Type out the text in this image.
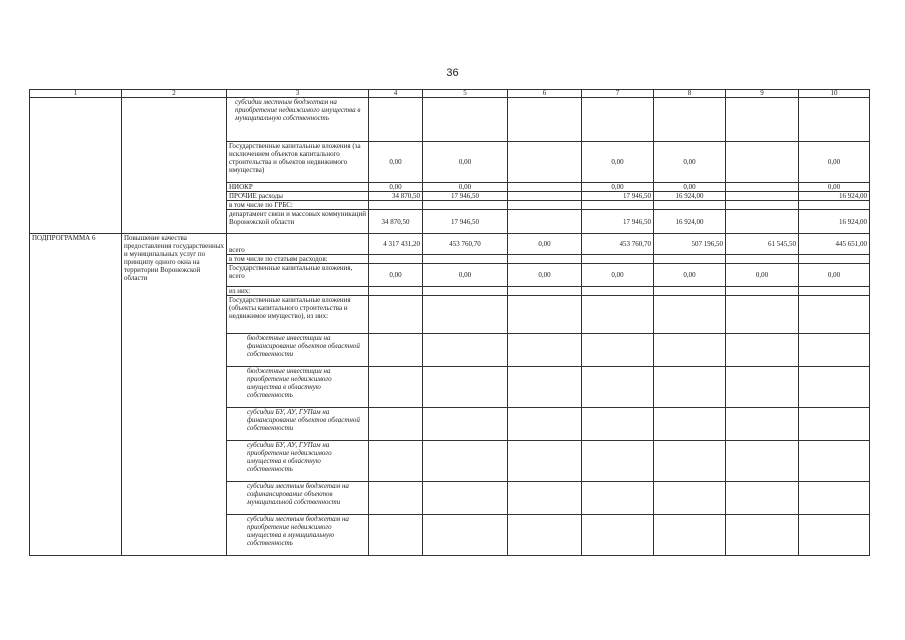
36
1	2	3	4	5	6	7	8	9	10
		субсидии местным бюджетам на приобретение недвижимого имущества в муниципальную собственность							
		Государственные капитальные вложения (за исключением объектов капитального строительства и объектов недвижимого имущества)	0,00	0,00		0,00	0,00		0,00
		НИОКР	0,00	0,00		0,00	0,00		0,00
		ПРОЧИЕ расходы	34 870,50	17 946,50		17 946,50	16 924,00		16 924,00
		в том числе по ГРБС:							
		департамент связи и массовых коммуникаций Воронежской области	34 870,50	17 946,50		17 946,50	16 924,00		16 924,00
ПОДПРОГРАММА 6	Повышение качества предоставления государственных и муниципальных услуг по принципу одного окна на территории Воронежской области	всего	4 317 431,20	453 760,70	0,00	453 760,70	507 196,50	61 545,50	445 651,00
		в том числе по статьям расходов:							
		Государственные капитальные вложения, всего	0,00	0,00	0,00	0,00	0,00	0,00	0,00
		из них:							
		Государственные капитальные вложения (объекты капитального строительства и недвижимое имущество), из них:							
		бюджетные инвестиции на финансирование объектов областной собственности							
		бюджетные инвестиции на приобретение недвижимого имущества в областную собственность							
		субсидии БУ, АУ, ГУПам на финансирование объектов областной собственности							
		субсидии БУ, АУ, ГУПам на приобретение недвижимого имущества в областную собственность							
		субсидии местным бюджетам на софинансирование объектов муниципальной собственности							
		субсидии местным бюджетам на приобретение недвижимого имущества в муниципальную собственность							
